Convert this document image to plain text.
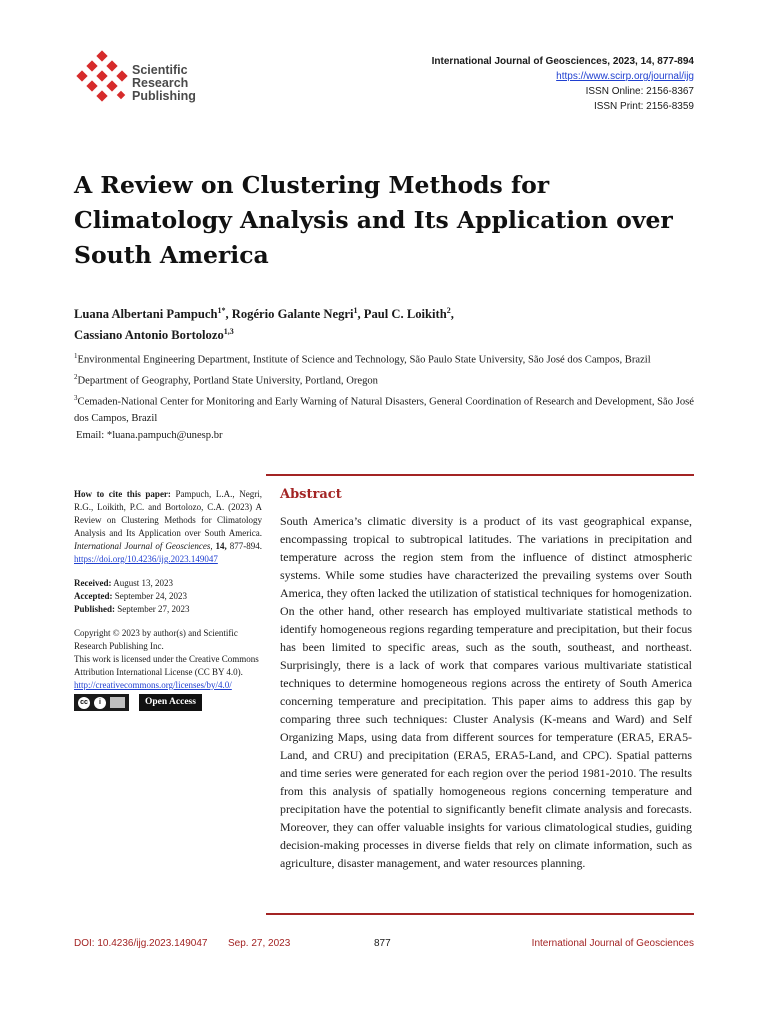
Scientific
Research
Publishing
International Journal of Geosciences, 2023, 14, 877-894
https://www.scirp.org/journal/ijg
ISSN Online: 2156-8367
ISSN Print: 2156-8359
A Review on Clustering Methods for Climatology Analysis and Its Application over South America
Luana Albertani Pampuch$^{1*}$, Rogério Galante Negri$^1$, Paul C. Loikith$^2$,
Cassiano Antonio Bortolozo$^{1,3}$
$^1$Environmental Engineering Department, Institute of Science and Technology, São Paulo State University, São José dos Campos, Brazil
$^2$Department of Geography, Portland State University, Portland, Oregon
$^3$Cemaden-National Center for Monitoring and Early Warning of Natural Disasters, General Coordination of Research and Development, São José dos Campos, Brazil
Email: *luana.pampuch@unesp.br
How to cite this paper: Pampuch, L.A., Negri, R.G., Loikith, P.C. and Bortolozo, C.A. (2023) A Review on Clustering Methods for Climatology Analysis and Its Application over South America. International Journal of Geosciences, 14, 877-894. https://doi.org/10.4236/ijg.2023.149047
Received: August 13, 2023
Accepted: September 24, 2023
Published: September 27, 2023
Copyright © 2023 by author(s) and Scientific Research Publishing Inc.
This work is licensed under the Creative Commons Attribution International License (CC BY 4.0).
http://creativecommons.org/licenses/by/4.0/
cc	i	Open Access
Abstract
South America’s climatic diversity is a product of its vast geographical expanse, encompassing tropical to subtropical latitudes. The variations in precipitation and temperature across the region stem from the influence of distinct atmospheric systems. While some studies have characterized the prevailing systems over South America, they often lacked the utilization of statistical techniques for homogenization. On the other hand, other research has employed multivariate statistical methods to identify homogeneous regions regarding temperature and precipitation, but their focus has been limited to specific areas, such as the south, southeast, and northeast. Surprisingly, there is a lack of work that compares various multivariate statistical techniques to determine homogeneous regions across the entirety of South America concerning temperature and precipitation. This paper aims to address this gap by comparing three such techniques: Cluster Analysis (K-means and Ward) and Self Organizing Maps, using data from different sources for temperature (ERA5, ERA5-Land, and CRU) and precipitation (ERA5, ERA5-Land, and CPC). Spatial patterns and time series were generated for each region over the period 1981-2010. The results from this analysis of spatially homogeneous regions concerning temperature and precipitation have the potential to significantly benefit climate analysis and forecasts. Moreover, they can offer valuable insights for various climatological studies, guiding decision-making processes in diverse fields that rely on climate information, such as agriculture, disaster management, and water resources planning.
DOI: 10.4236/ijg.2023.149047 Sep. 27, 2023	877	International Journal of Geosciences
